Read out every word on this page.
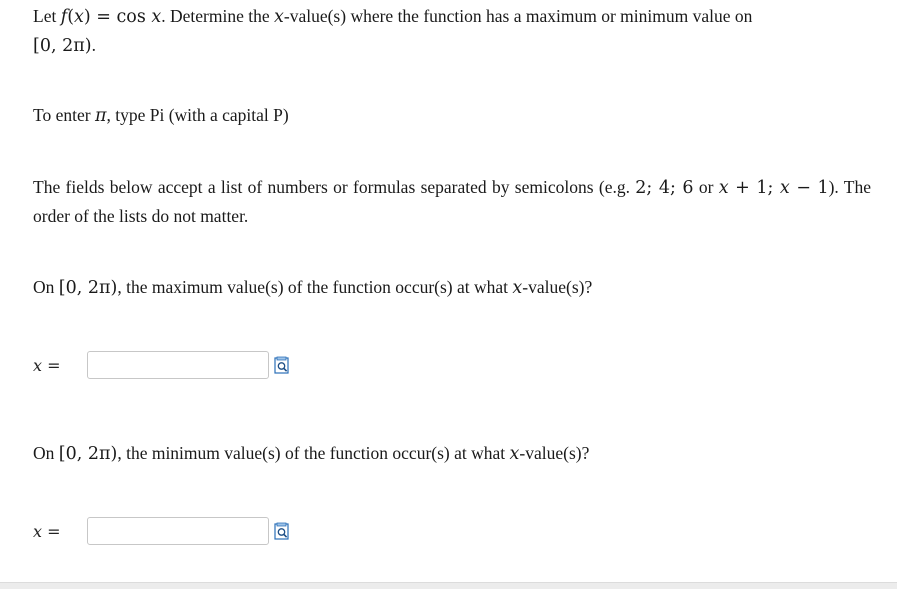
Let f(x) = cos x. Determine the x-value(s) where the function has a maximum or minimum value on
[0, 2π).
To enter π, type Pi (with a capital P)
The fields below accept a list of numbers or formulas separated by semicolons (e.g. 2; 4; 6 or x + 1; x − 1). The order of the lists do not matter.
On [0, 2π), the maximum value(s) of the function occur(s) at what x-value(s)?
x =
On [0, 2π), the minimum value(s) of the function occur(s) at what x-value(s)?
x =
